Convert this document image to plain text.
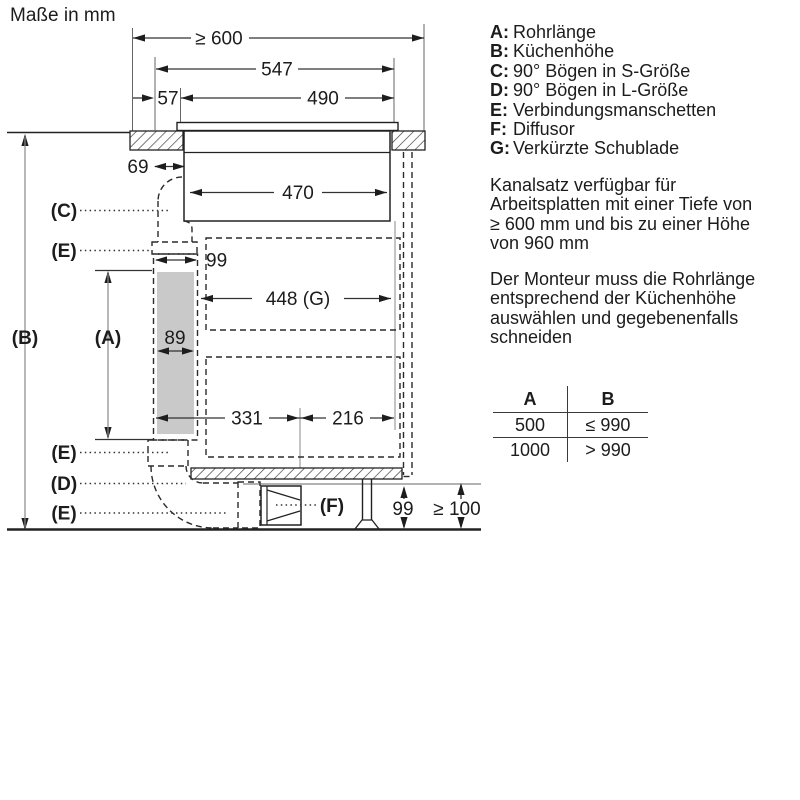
≥ 600
547
57	490
69
470
99
448 (G)
89
331	216
99 ≥ 100
(C)
(E)
(B)	(A)
(E)
(D)
(E)	(F)
Maße in mm
A: Rohrlänge
B: Küchenhöhe
C: 90° Bögen in S-Größe
D: 90° Bögen in L-Größe
E: Verbindungsmanschetten
F: Diffusor
G: Verkürzte Schublade
Kanalsatz verfügbar für
Arbeitsplatten mit einer Tiefe von
≥ 600 mm und bis zu einer Höhe
von 960 mm
Der Monteur muss die Rohrlänge
entsprechend der Küchenhöhe
auswählen und gegebenenfalls
schneiden
A	B
500	≤ 990
1000	> 990
